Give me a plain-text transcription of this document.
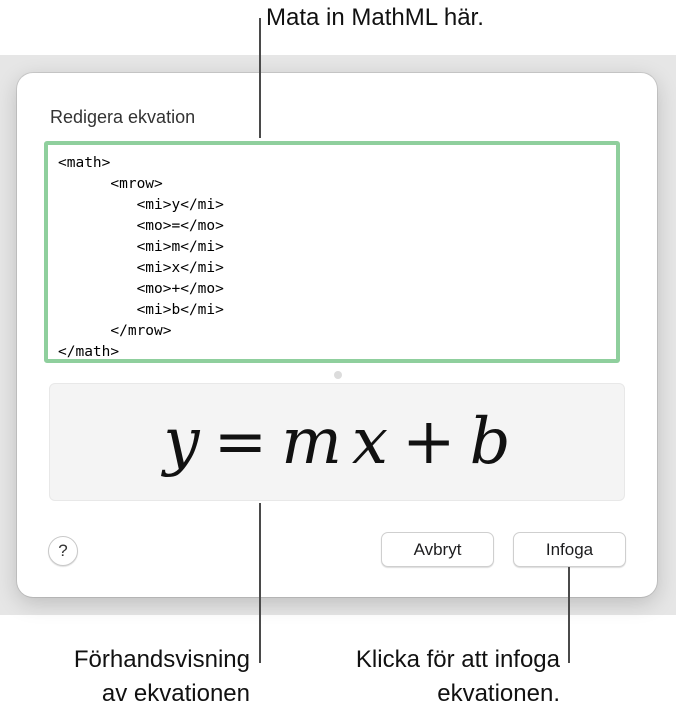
Redigera ekvation
<math> <mrow> <mi>y</mi> <mo>=</mo> <mi>m</mi> <mi>x</mi> <mo>+</mo> <mi>b</mi> </mrow> </math>
y = m x + b
?	Avbryt	Infoga
Mata in MathML här.
Förhandsvisning
av ekvationen
Klicka för att infoga
ekvationen.
